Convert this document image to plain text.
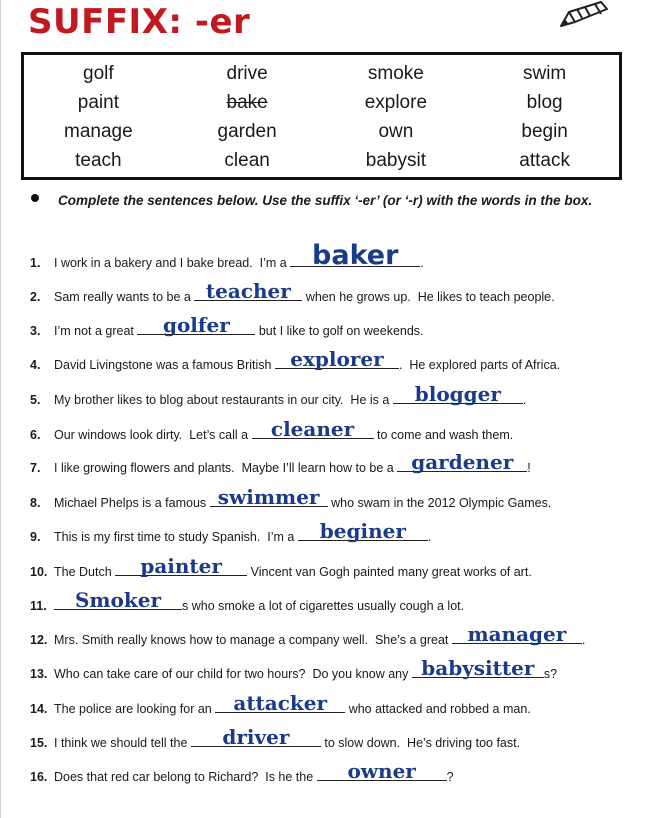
SUFFIX: -er
golf	drive	smoke	swim
paint	bake	explore	blog
manage	garden	own	begin
teach	clean	babysit	attack
Complete the sentences below. Use the suffix ‘-er’ (or ‘-r) with the words in the box.
1. I work in a bakery and I bake bread.  I’m a baker	.
2. Sam really wants to be a teacher when he grows up.  He likes to teach people.
3. I’m not a great	golfer	but I like to golf on weekends.
4. David Livingstone was a famous British explorer	.  He explored parts of Africa.
5. My brother likes to blog about restaurants in our city.  He is a	blogger	.
6. Our windows look dirty.  Let’s call a cleaner	to come and wash them.
7. I like growing flowers and plants.  Maybe I’ll learn how to be a gardener	!
8. Michael Phelps is a famous swimmer who swam in the 2012 Olympic Games.
9. This is my first time to study Spanish.  I’m a	beginer	.
10. The Dutch	painter	Vincent van Gogh painted many great works of art.
11.	Smoker	s who smoke a lot of cigarettes usually cough a lot.
12. Mrs. Smith really knows how to manage a company well.  She’s a great manager	.
13. Who can take care of our child for two hours?  Do you know any babysitter s?
14. The police are looking for an attacker	who attacked and robbed a man.
15. I think we should tell the	driver	to slow down.  He’s driving too fast.
16. Does that red car belong to Richard?  Is he the	owner	?
